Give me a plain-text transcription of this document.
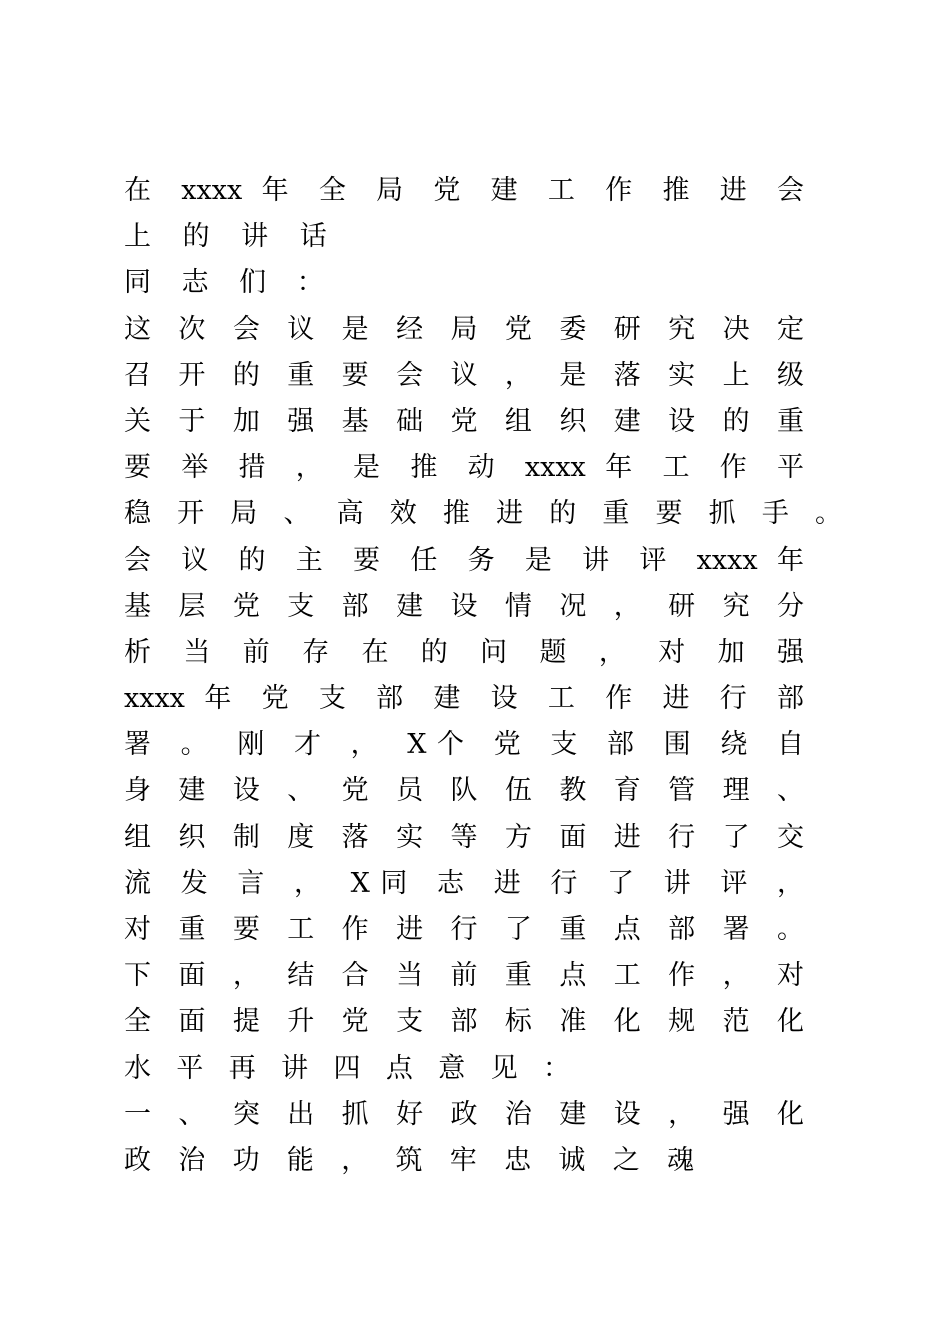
在 xxxx 年 全 局 党 建 工 作 推 进 会
上 的 讲 话
同 志 们 ：
这 次 会 议 是 经 局 党 委 研 究 决 定
召 开 的 重 要 会 议 ， 是 落 实 上 级
关 于 加 强 基 础 党 组 织 建 设 的 重
要 举 措 ， 是 推 动 xxxx 年 工 作 平
稳 开 局 、 高 效 推 进 的 重 要 抓 手 。
会 议 的 主 要 任 务 是 讲 评 xxxx 年
基 层 党 支 部 建 设 情 况 ， 研 究 分
析 当 前 存 在 的 问 题 ， 对 加 强
xxxx 年 党 支 部 建 设 工 作 进 行 部
署 。 刚 才 ， X个 党 支 部 围 绕 自
身 建 设 、 党 员 队 伍 教 育 管 理 、
组 织 制 度 落 实 等 方 面 进 行 了 交
流 发 言 ， X同 志 进 行 了 讲 评 ，
对 重 要 工 作 进 行 了 重 点 部 署 。
下 面 ， 结 合 当 前 重 点 工 作 ， 对
全 面 提 升 党 支 部 标 准 化 规 范 化
水 平 再 讲 四 点 意 见 ：
一 、 突 出 抓 好 政 治 建 设 ， 强 化
政 治 功 能 ， 筑 牢 忠 诚 之 魂
